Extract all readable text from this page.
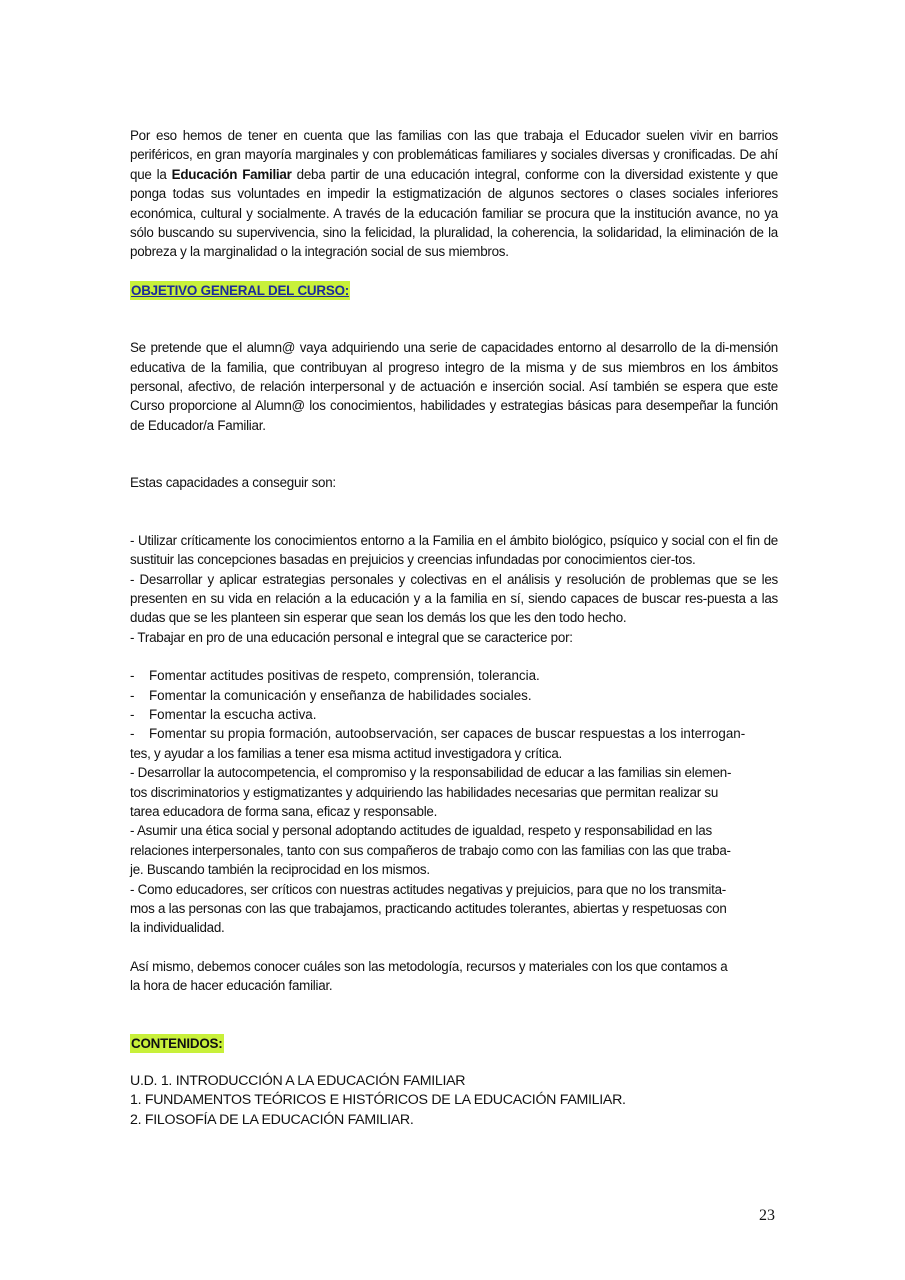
Por eso hemos de tener en cuenta que las familias con las que trabaja el Educador suelen vivir en barrios periféricos, en gran mayoría marginales y con problemáticas familiares y sociales diversas y cronificadas. De ahí que la Educación Familiar deba partir de una educación integral, conforme con la diversidad existente y que ponga todas sus voluntades en impedir la estigmatización de algunos sectores o clases sociales inferiores económica, cultural y socialmente. A través de la educación familiar se procura que la institución avance, no ya sólo buscando su supervivencia, sino la felicidad, la pluralidad, la coherencia, la solidaridad, la eliminación de la pobreza y la marginalidad o la integración social de sus miembros.

OBJETIVO GENERAL DEL CURSO:

Se pretende que el alumn@ vaya adquiriendo una serie de capacidades entorno al desarrollo de la di-mensión educativa de la familia, que contribuyan al progreso integro de la misma y de sus miembros en los ámbitos personal, afectivo, de relación interpersonal y de actuación e inserción social. Así también se espera que este Curso proporcione al Alumn@ los conocimientos, habilidades y estrategias básicas para desempeñar la función de Educador/a Familiar.

Estas capacidades a conseguir son:

- Utilizar críticamente los conocimientos entorno a la Familia en el ámbito biológico, psíquico y social con el fin de sustituir las concepciones basadas en prejuicios y creencias infundadas por conocimientos cier-tos.

- Desarrollar y aplicar estrategias personales y colectivas en el análisis y resolución de problemas que se les presenten en su vida en relación a la educación y a la familia en sí, siendo capaces de buscar res-puesta a las dudas que se les planteen sin esperar que sean los demás los que les den todo hecho.

- Trabajar en pro de una educación personal e integral que se caracterice por:

-	Fomentar actitudes positivas de respeto, comprensión, tolerancia.
-	Fomentar la comunicación y enseñanza de habilidades sociales.
-	Fomentar la escucha activa.
-	Fomentar su propia formación, autoobservación, ser capaces de buscar respuestas a los interrogan-

tes, y ayudar a los familias a tener esa misma actitud investigadora y crítica.

- Desarrollar la autocompetencia, el compromiso y la responsabilidad de educar a las familias sin elemen-

tos discriminatorios y estigmatizantes y adquiriendo las habilidades necesarias que permitan realizar su

tarea educadora de forma sana, eficaz y responsable.

- Asumir una ética social y personal adoptando actitudes de igualdad, respeto y responsabilidad en las

relaciones interpersonales, tanto con sus compañeros de trabajo como con las familias con las que traba-

je. Buscando también la reciprocidad en los mismos.

- Como educadores, ser críticos con nuestras actitudes negativas y prejuicios, para que no los transmita-

mos a las personas con las que trabajamos, practicando actitudes tolerantes, abiertas y respetuosas con

la individualidad.

Así mismo, debemos conocer cuáles son las metodología, recursos y materiales con los que contamos a

la hora de hacer educación familiar.

CONTENIDOS:

U.D. 1. INTRODUCCIÓN A LA EDUCACIÓN FAMILIAR

1. FUNDAMENTOS TEÓRICOS E HISTÓRICOS DE LA EDUCACIÓN FAMILIAR.

2. FILOSOFÍA DE LA EDUCACIÓN FAMILIAR.

23
